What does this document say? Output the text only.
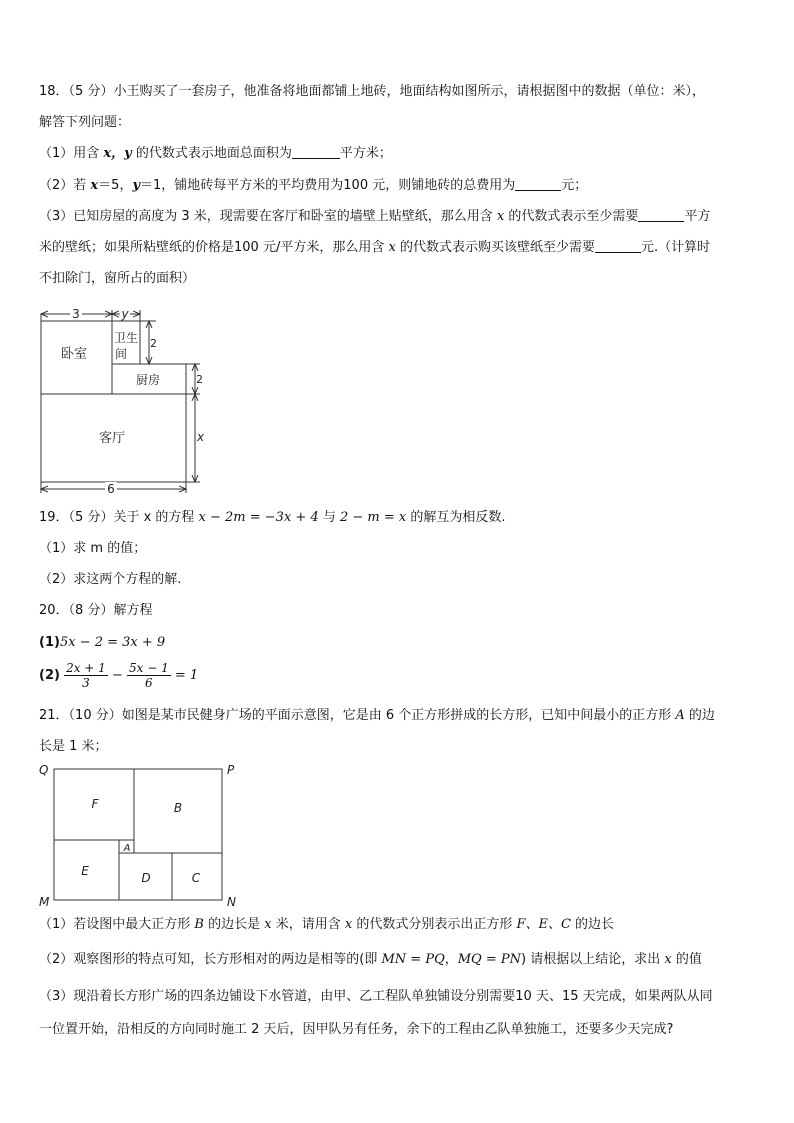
18．（5 分）小王购买了一套房子，他准备将地面都铺上地砖，地面结构如图所示，请根据图中的数据（单位：米），
解答下列问题：
（1）用含 x，y 的代数式表示地面总面积为	平方米；
（2）若 x＝5，y＝1，铺地砖每平方米的平均费用为100 元，则铺地砖的总费用为	元；
（3）已知房屋的高度为 3 米，现需要在客厅和卧室的墙壁上贴壁纸，那么用含 x 的代数式表示至少需要	平方
米的壁纸；如果所粘壁纸的价格是100 元/平方米，那么用含 x 的代数式表示购买该壁纸至少需要	元.（计算时
不扣除门，窗所占的面积）
3	y
2
2
x
6
卧室
卫生
间
厨房
客厅
19．（5 分）关于 x 的方程 x − 2m = −3x + 4 与 2 − m = x 的解互为相反数.
（1）求 m 的值；
（2）求这两个方程的解.
20．（8 分）解方程
(1)5x − 2 = 3x + 9
$(2) \frac{2x + 1}{3} - \frac{5x - 1}{6} = 1$
21．（10 分）如图是某市民健身广场的平面示意图，它是由 6 个正方形拼成的长方形，已知中间最小的正方形 A 的边
长是 1 米；
Q	P
M	N
F	B
E
A
D	C
（1）若设图中最大正方形 B 的边长是 x 米，请用含 x 的代数式分别表示出正方形 F、E、C 的边长
（2）观察图形的特点可知，长方形相对的两边是相等的(即 MN = PQ，MQ = PN) 请根据以上结论，求出 x 的值
（3）现沿着长方形广场的四条边铺设下水管道，由甲、乙工程队单独铺设分别需要10 天、15 天完成，如果两队从同
一位置开始，沿相反的方向同时施工 2 天后，因甲队另有任务，余下的工程由乙队单独施工，还要多少天完成?
